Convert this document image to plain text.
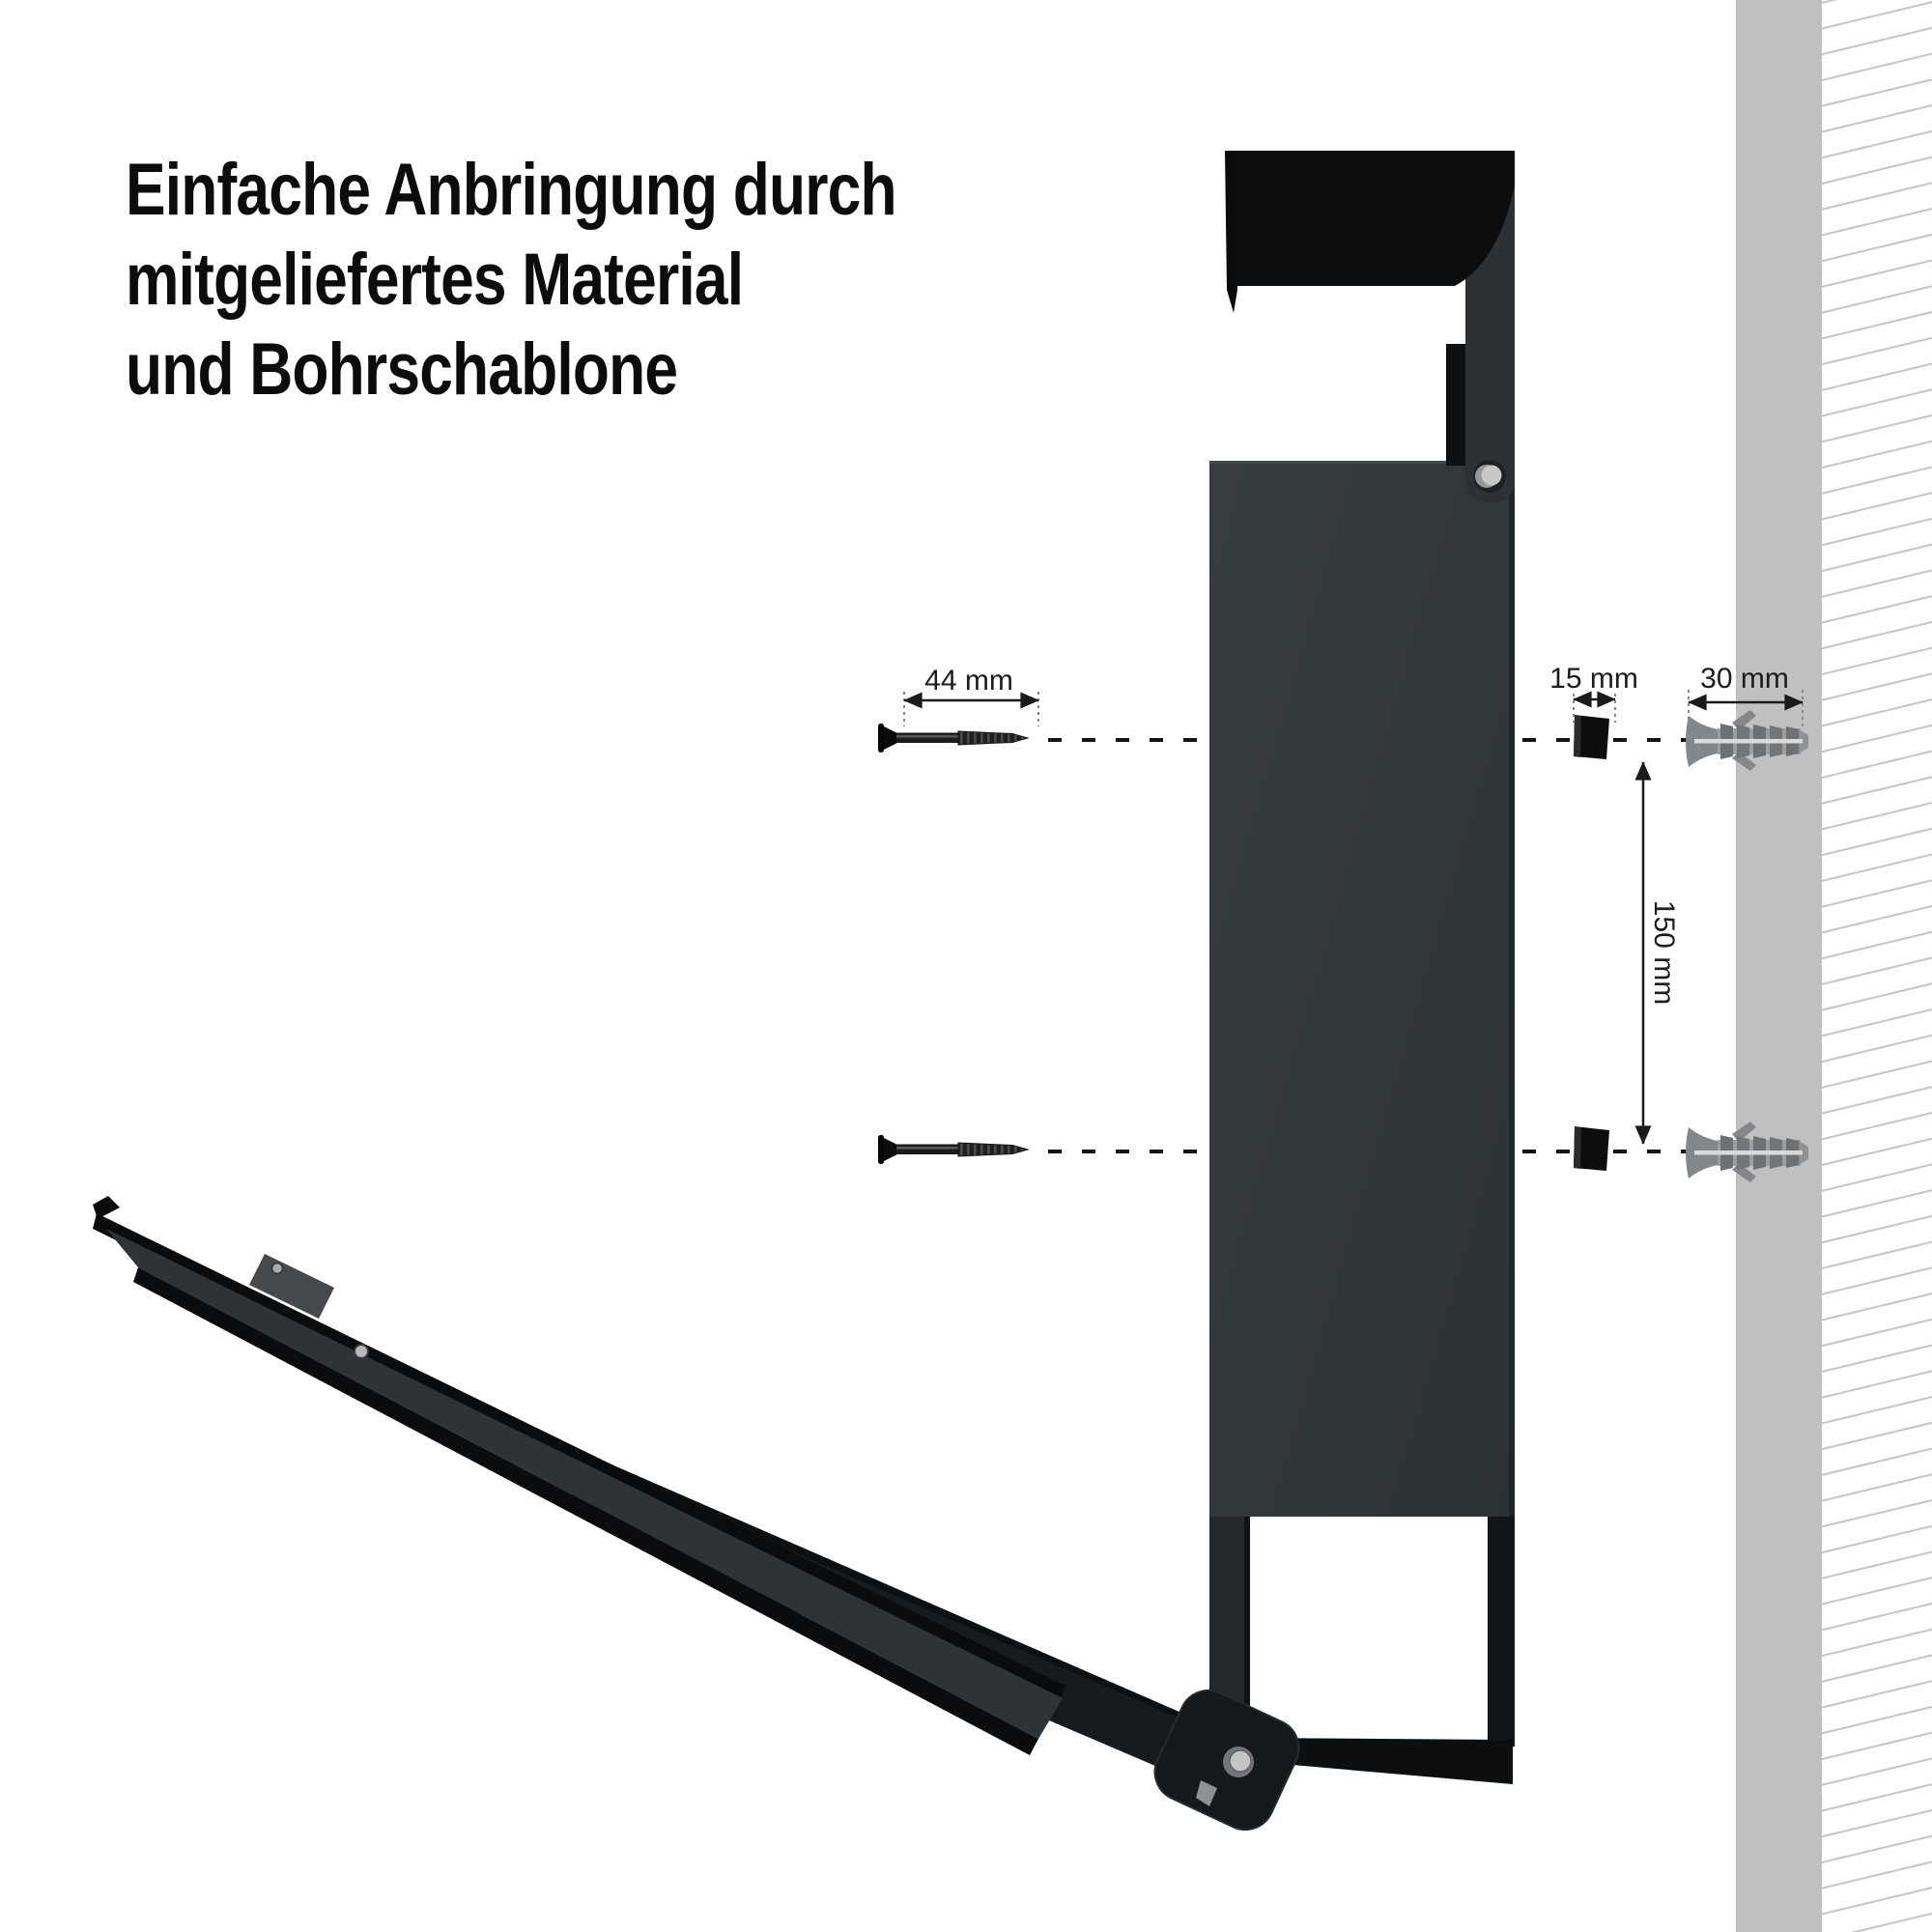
44 mm	15 mm 30 mm
150 mm
Einfache Anbringung durch
mitgeliefertes Material
und Bohrschablone
